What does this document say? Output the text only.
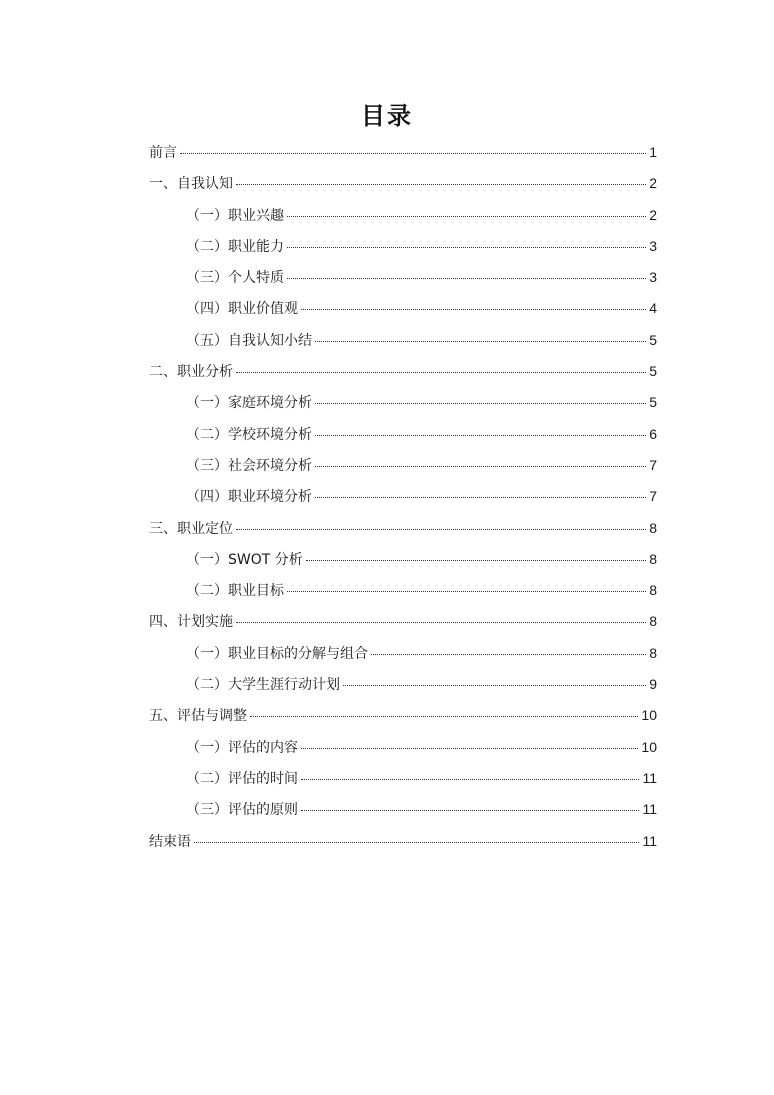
目录
前言	1
一、自我认知	2
（一）职业兴趣	2
（二）职业能力	3
（三）个人特质	3
（四）职业价值观	4
（五）自我认知小结	5
二、职业分析	5
（一）家庭环境分析	5
（二）学校环境分析	6
（三）社会环境分析	7
（四）职业环境分析	7
三、职业定位	8
（一）SWOT 分析	8
（二）职业目标	8
四、计划实施	8
（一）职业目标的分解与组合	8
（二）大学生涯行动计划	9
五、评估与调整	10
（一）评估的内容	10
（二）评估的时间	11
（三）评估的原则	11
结束语	11
